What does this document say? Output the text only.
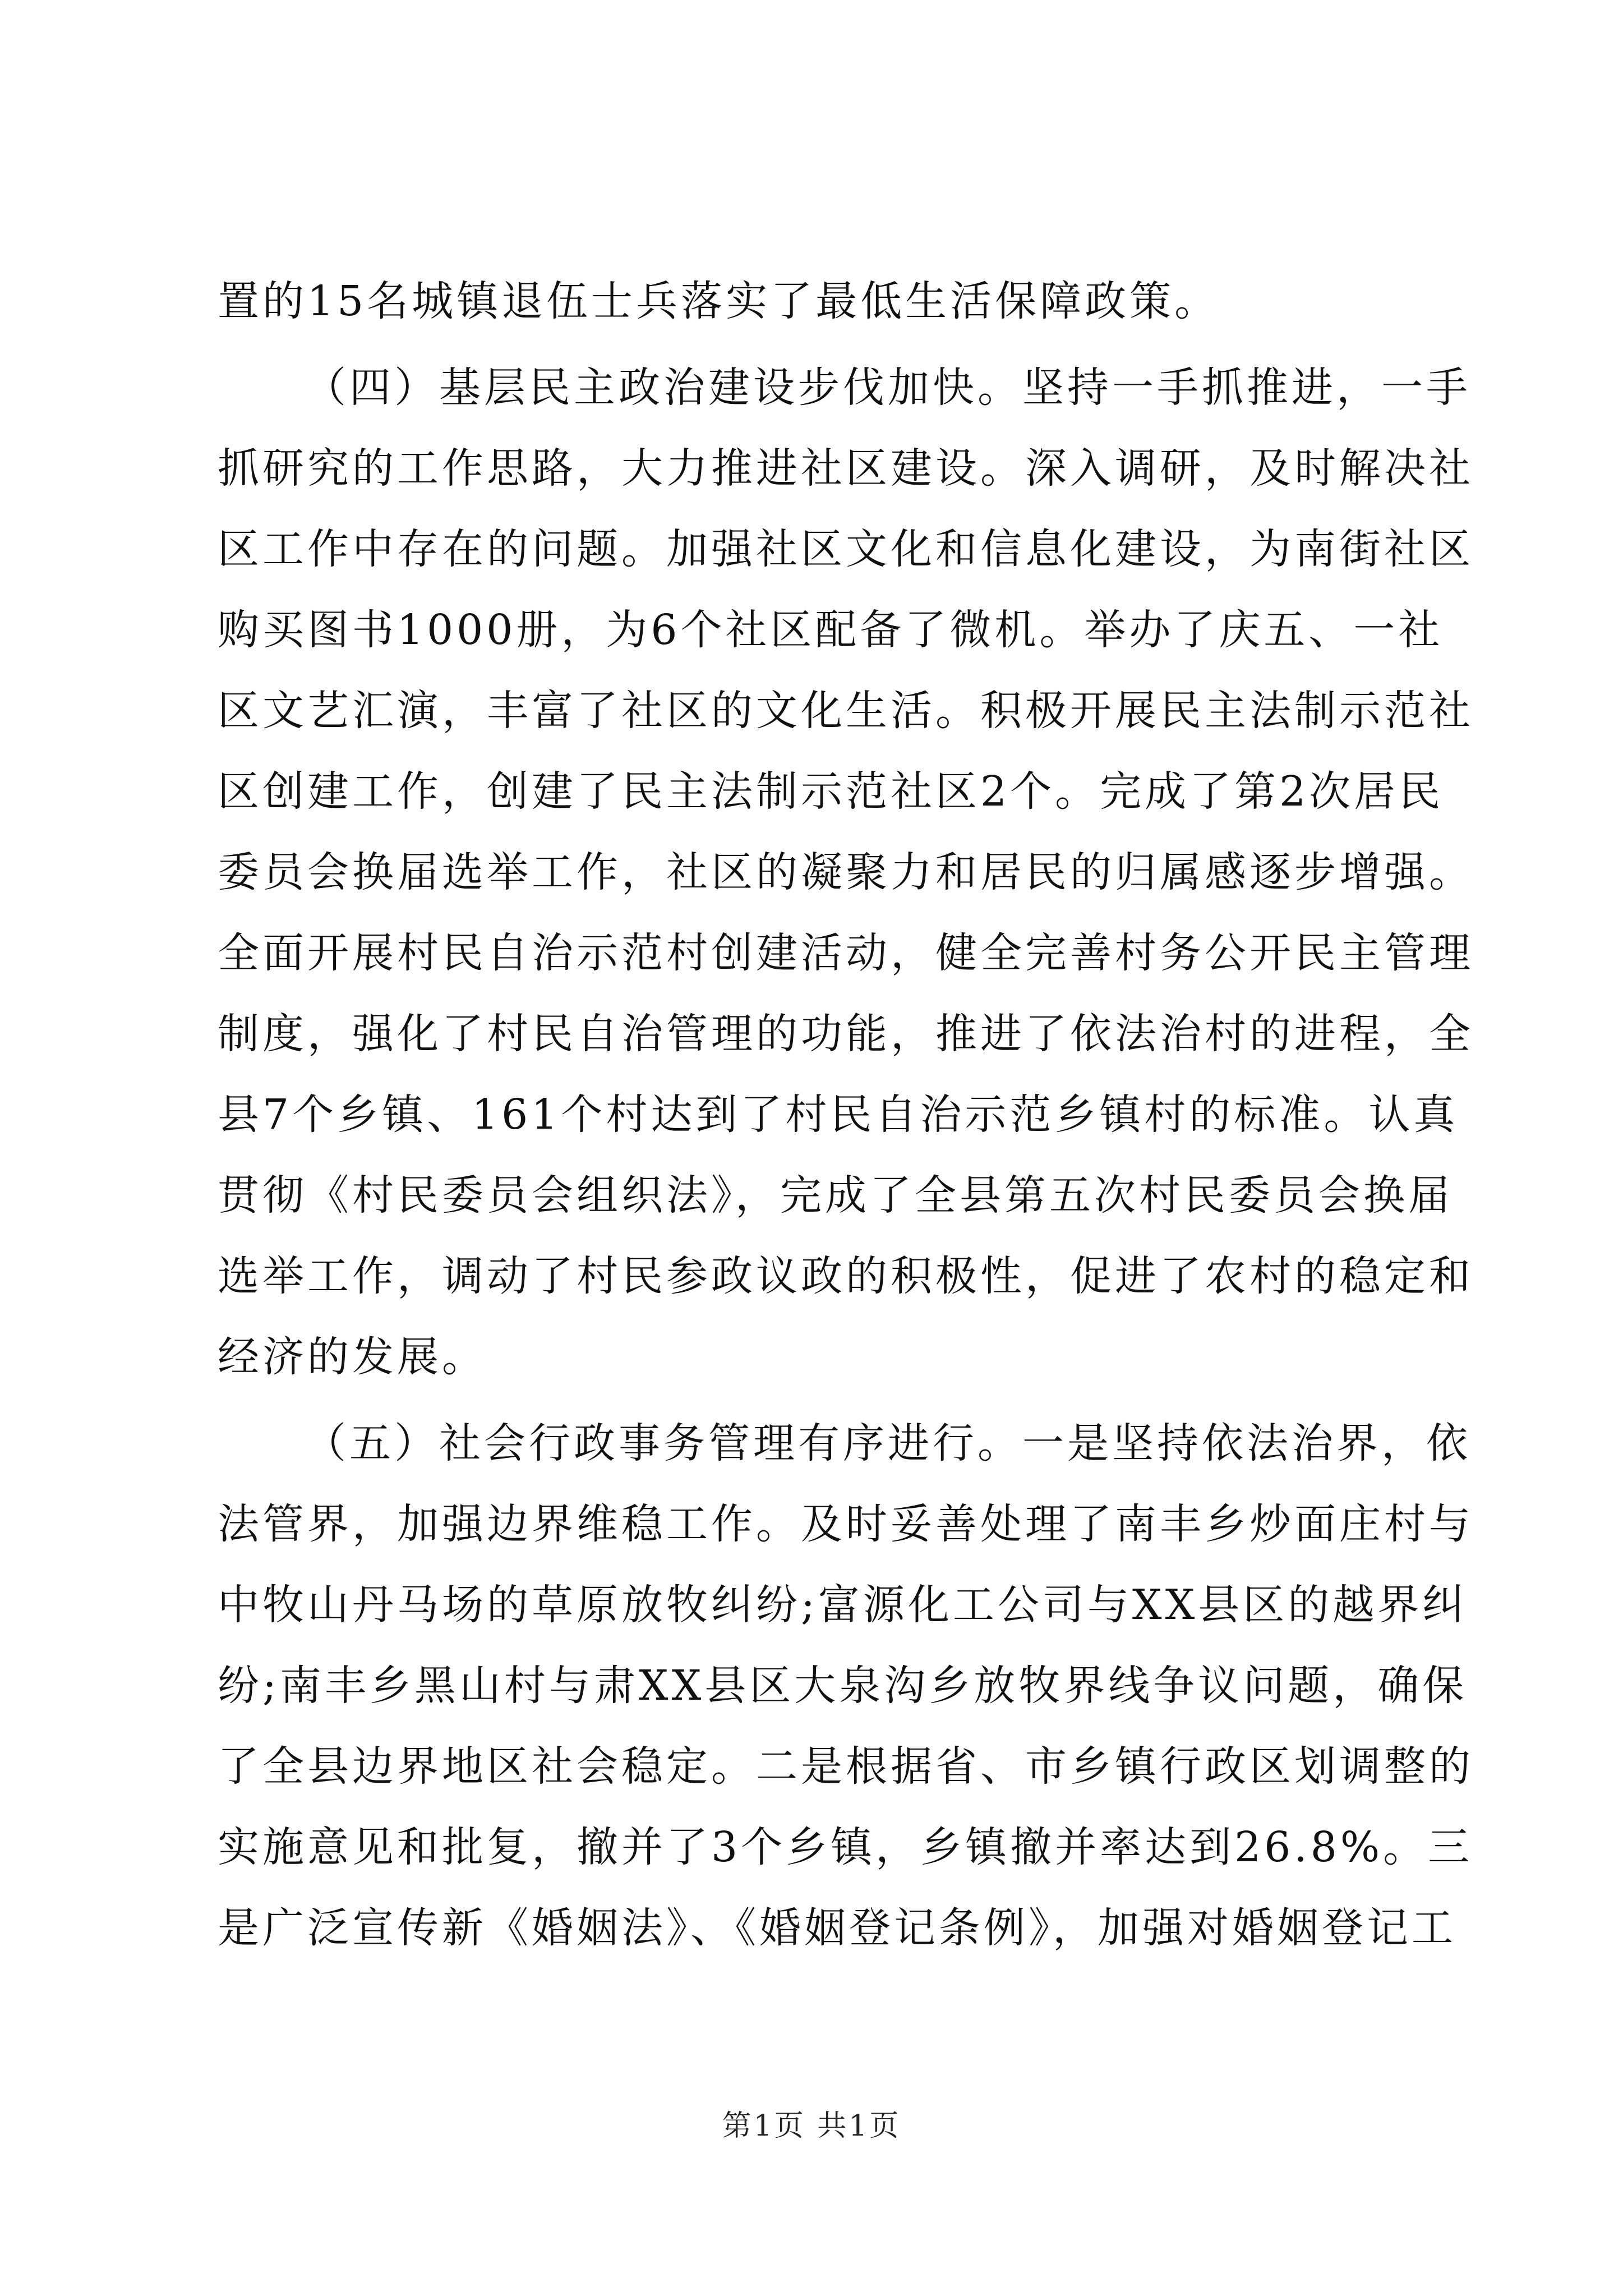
置的15名城镇退伍士兵落实了最低生活保障政策。
（四）基层民主政治建设步伐加快。坚持一手抓推进，一手
抓研究的工作思路，大力推进社区建设。深入调研，及时解决社
区工作中存在的问题。加强社区文化和信息化建设，为南街社区
购买图书1000册，为6个社区配备了微机。举办了庆五、一社
区文艺汇演，丰富了社区的文化生活。积极开展民主法制示范社
区创建工作，创建了民主法制示范社区2个。完成了第2次居民
委员会换届选举工作，社区的凝聚力和居民的归属感逐步增强。
全面开展村民自治示范村创建活动，健全完善村务公开民主管理
制度，强化了村民自治管理的功能，推进了依法治村的进程，全
县7个乡镇、161个村达到了村民自治示范乡镇村的标准。认真
贯彻《村民委员会组织法》，完成了全县第五次村民委员会换届
选举工作，调动了村民参政议政的积极性，促进了农村的稳定和
经济的发展。
（五）社会行政事务管理有序进行。一是坚持依法治界，依
法管界，加强边界维稳工作。及时妥善处理了南丰乡炒面庄村与
中牧山丹马场的草原放牧纠纷;富源化工公司与XX县区的越界纠
纷;南丰乡黑山村与肃XX县区大泉沟乡放牧界线争议问题，确保
了全县边界地区社会稳定。二是根据省、市乡镇行政区划调整的
实施意见和批复，撤并了3个乡镇，乡镇撤并率达到26.8%。三
是广泛宣传新《婚姻法》、《婚姻登记条例》，加强对婚姻登记工
第1页 共1页
